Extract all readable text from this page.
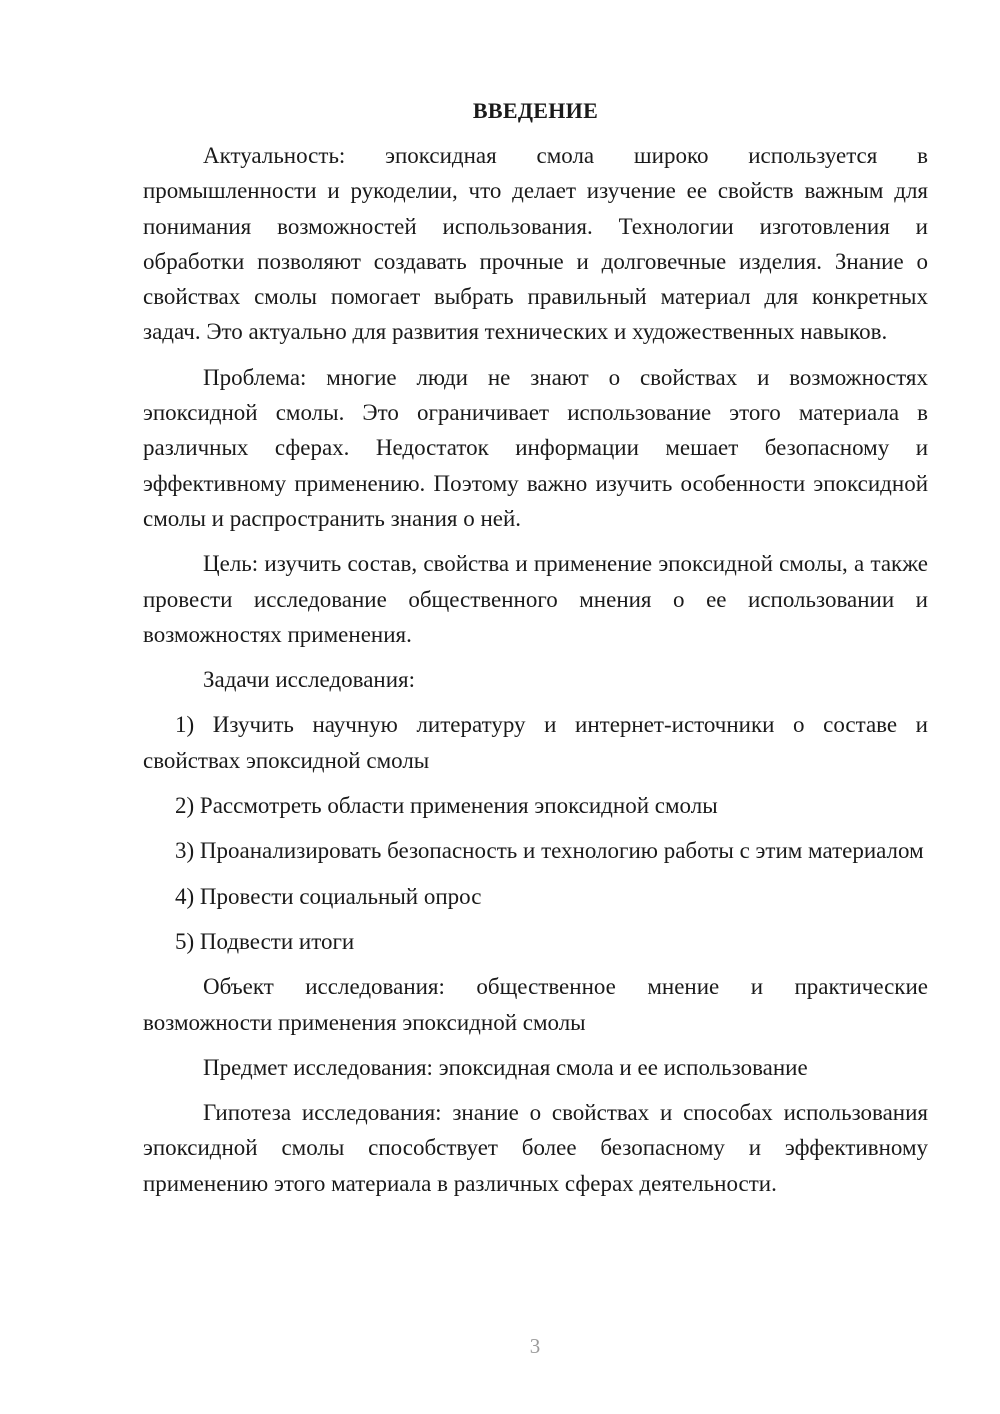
ВВЕДЕНИЕ

Актуальность: эпоксидная смола широко используется в промышленности и рукоделии, что делает изучение ее свойств важным для понимания возможностей использования. Технологии изготовления и обработки позволяют создавать прочные и долговечные изделия. Знание о свойствах смолы помогает выбрать правильный материал для конкретных задач. Это актуально для развития технических и художественных навыков.

Проблема: многие люди не знают о свойствах и возможностях эпоксидной смолы. Это ограничивает использование этого материала в различных сферах. Недостаток информации мешает безопасному и эффективному применению. Поэтому важно изучить особенности эпоксидной смолы и распространить знания о ней.

Цель: изучить состав, свойства и применение эпоксидной смолы, а также провести исследование общественного мнения о ее использовании и возможностях применения.

Задачи исследования:

1) Изучить научную литературу и интернет-источники о составе и свойствах эпоксидной смолы

2) Рассмотреть области применения эпоксидной смолы

3) Проанализировать безопасность и технологию работы с этим материалом

4) Провести социальный опрос

5) Подвести итоги

Объект исследования: общественное мнение и практические возможности применения эпоксидной смолы

Предмет исследования: эпоксидная смола и ее использование

Гипотеза исследования: знание о свойствах и способах использования эпоксидной смолы способствует более безопасному и эффективному применению этого материала в различных сферах деятельности.

3
